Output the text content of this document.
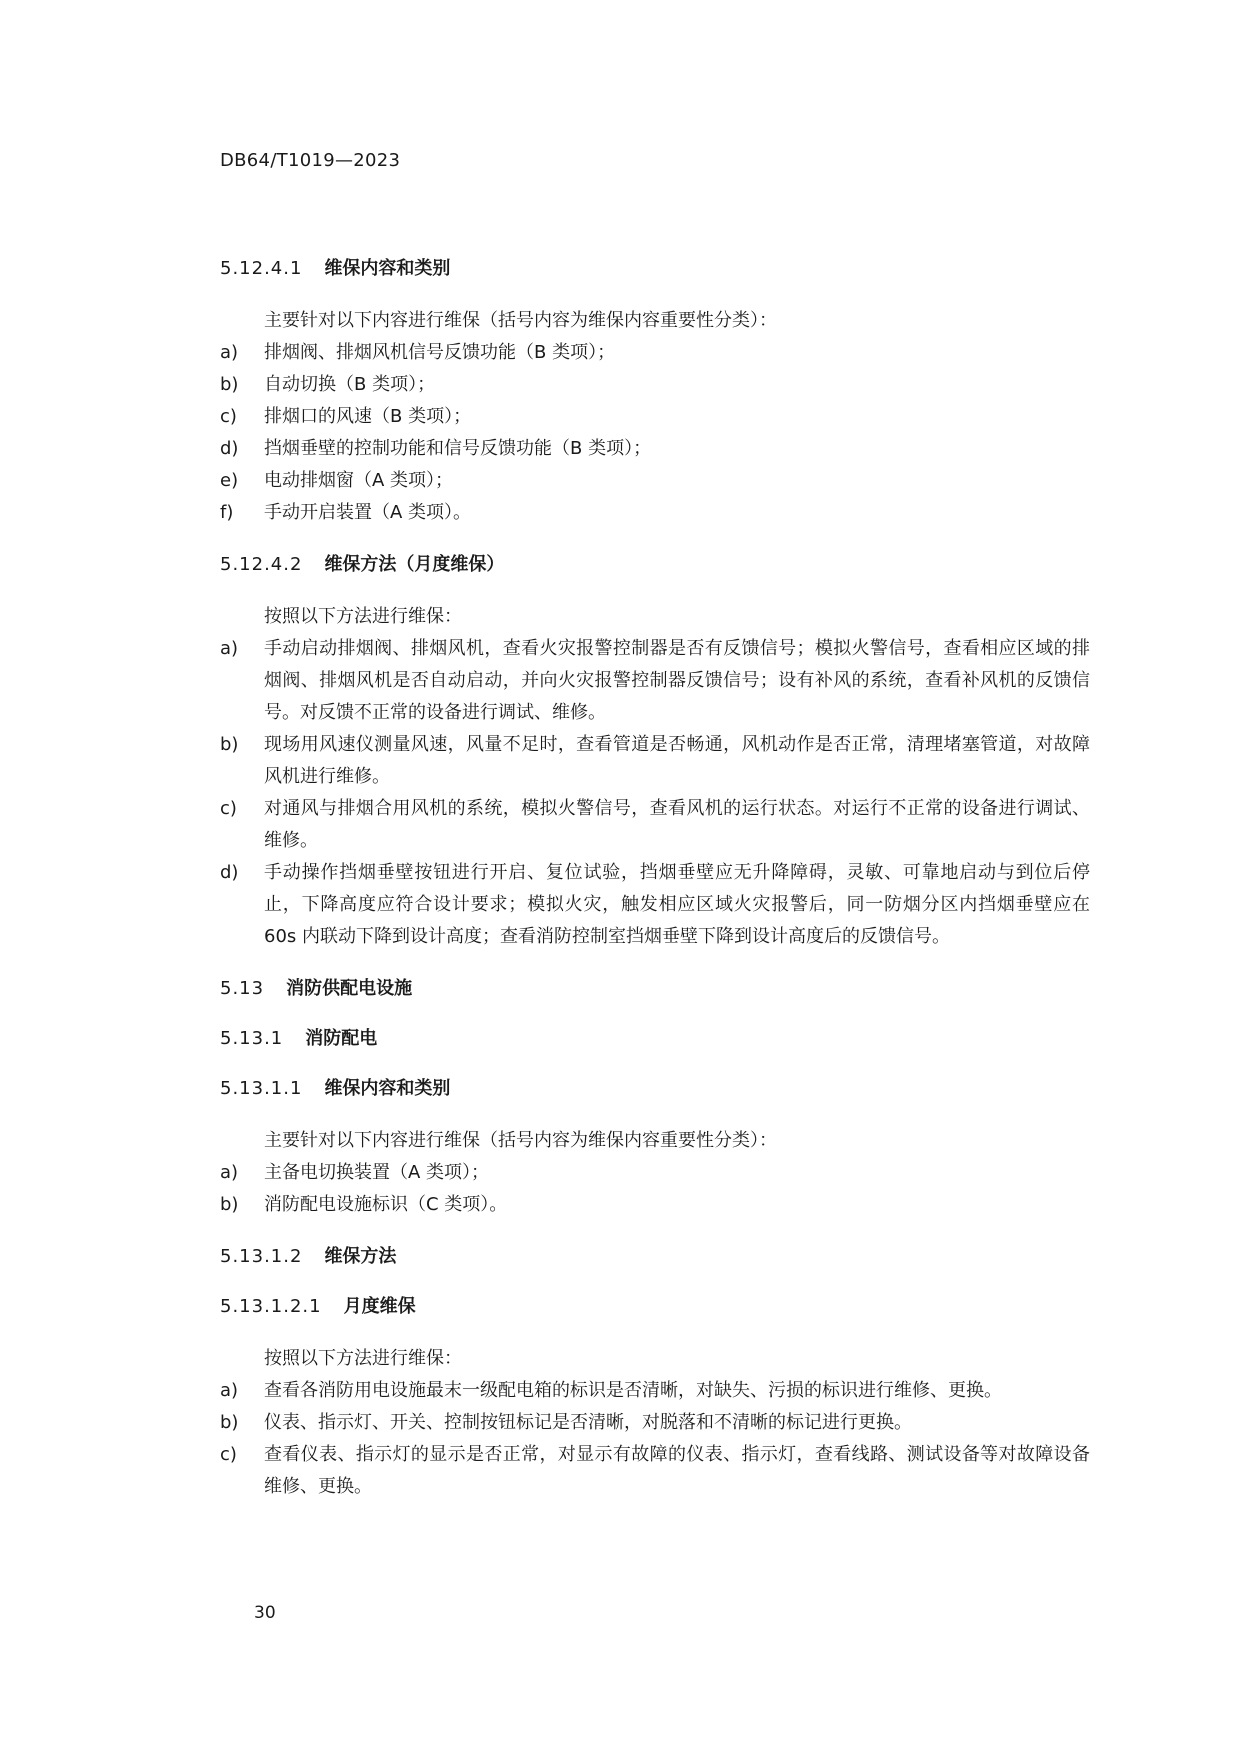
DB64/T1019—2023
5.12.4.1 维保内容和类别

主要针对以下内容进行维保（括号内容为维保内容重要性分类）：

a)	排烟阀、排烟风机信号反馈功能（B 类项）；
b)	自动切换（B 类项）；
c)	排烟口的风速（B 类项）；
d)	挡烟垂壁的控制功能和信号反馈功能（B 类项）；
e)	电动排烟窗（A 类项）；
f)	手动开启装置（A 类项）。
5.12.4.2 维保方法（月度维保）

按照以下方法进行维保：

a)	手动启动排烟阀、排烟风机，查看火灾报警控制器是否有反馈信号；模拟火警信号，查看相应区域的排烟阀、排烟风机是否自动启动，并向火灾报警控制器反馈信号；设有补风的系统，查看补风机的反馈信号。对反馈不正常的设备进行调试、维修。
b)	现场用风速仪测量风速，风量不足时，查看管道是否畅通，风机动作是否正常，清理堵塞管道，对故障风机进行维修。
c)	对通风与排烟合用风机的系统，模拟火警信号，查看风机的运行状态。对运行不正常的设备进行调试、维修。
d)	手动操作挡烟垂壁按钮进行开启、复位试验，挡烟垂壁应无升降障碍，灵敏、可靠地启动与到位后停止，下降高度应符合设计要求；模拟火灾，触发相应区域火灾报警后，同一防烟分区内挡烟垂壁应在 60s 内联动下降到设计高度；查看消防控制室挡烟垂壁下降到设计高度后的反馈信号。
5.13 消防供配电设施
5.13.1 消防配电
5.13.1.1 维保内容和类别

主要针对以下内容进行维保（括号内容为维保内容重要性分类）：

a)	主备电切换装置（A 类项）；
b)	消防配电设施标识（C 类项）。
5.13.1.2 维保方法
5.13.1.2.1 月度维保

按照以下方法进行维保：

a)	查看各消防用电设施最末一级配电箱的标识是否清晰，对缺失、污损的标识进行维修、更换。
b)	仪表、指示灯、开关、控制按钮标记是否清晰，对脱落和不清晰的标记进行更换。
c)	查看仪表、指示灯的显示是否正常，对显示有故障的仪表、指示灯，查看线路、测试设备等对故障设备维修、更换。
30
